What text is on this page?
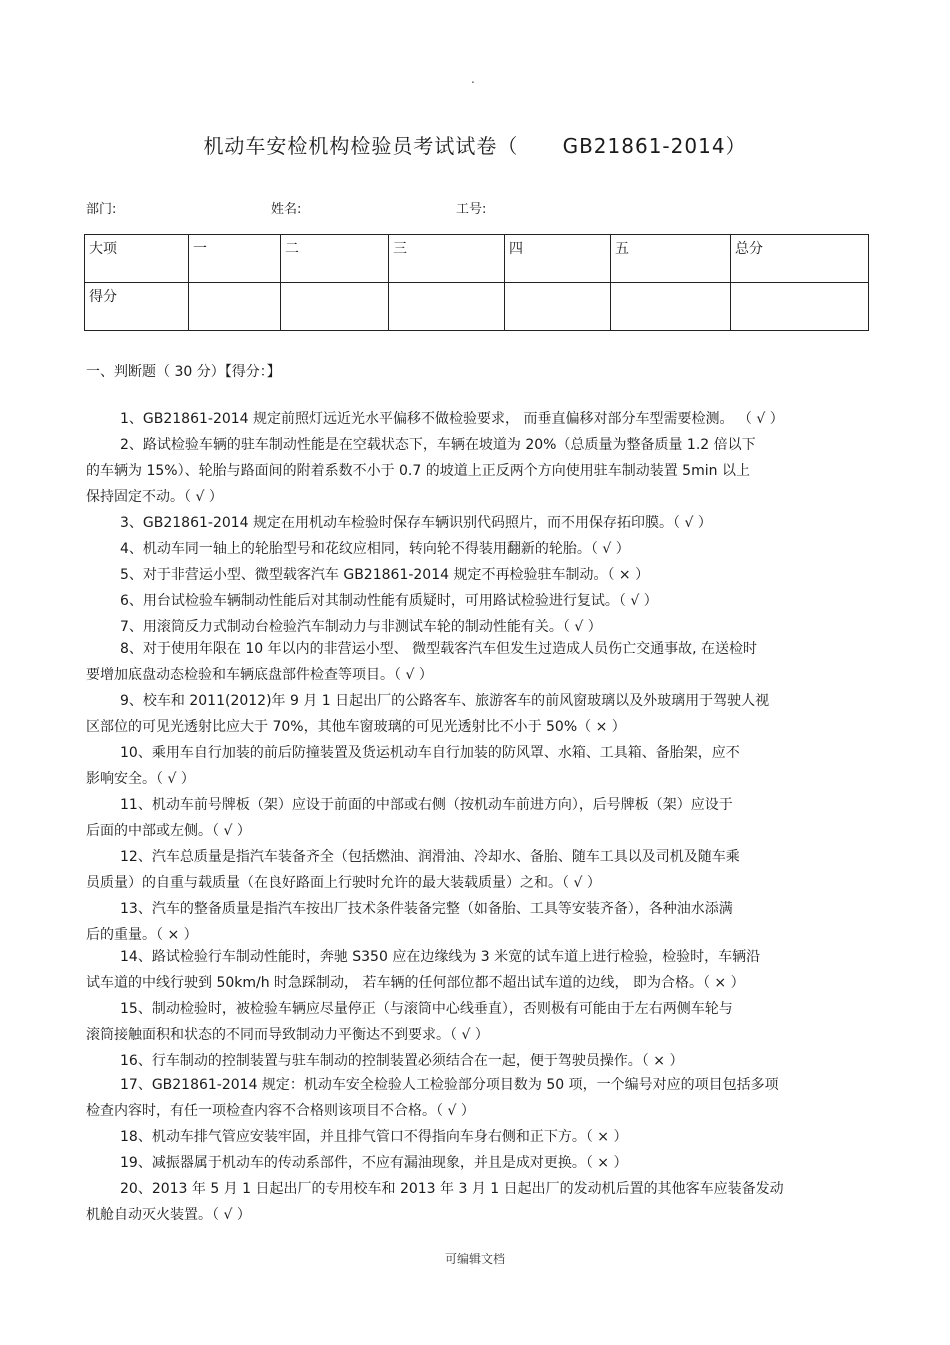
.
机动车安检机构检验员考试试卷（      GB21861-2014）
部门:	姓名:	工号:
大项	一	二	三	四	五	总分
得分						
一、判断题（ 30 分）【得分：】

1、GB21861-2014 规定前照灯远近光水平偏移不做检验要求， 而垂直偏移对部分车型需要检测。 （ √ ）

2、路试检验车辆的驻车制动性能是在空载状态下，车辆在坡道为 20%（总质量为整备质量 1.2 倍以下

的车辆为 15%）、轮胎与路面间的附着系数不小于 0.7 的坡道上正反两个方向使用驻车制动装置 5min 以上

保持固定不动。（ √ ）

3、GB21861-2014 规定在用机动车检验时保存车辆识别代码照片，而不用保存拓印膜。（ √ ）

4、机动车同一轴上的轮胎型号和花纹应相同，转向轮不得装用翻新的轮胎。（ √ ）

5、对于非营运小型、微型载客汽车 GB21861-2014 规定不再检验驻车制动。（ × ）

6、用台试检验车辆制动性能后对其制动性能有质疑时，可用路试检验进行复试。（ √ ）

7、用滚筒反力式制动台检验汽车制动力与非测试车轮的制动性能有关。（ √ ）

8、对于使用年限在 10 年以内的非营运小型、 微型载客汽车但发生过造成人员伤亡交通事故, 在送检时

要增加底盘动态检验和车辆底盘部件检查等项目。（ √ ）

9、校车和 2011(2012)年 9 月 1 日起出厂的公路客车、旅游客车的前风窗玻璃以及外玻璃用于驾驶人视

区部位的可见光透射比应大于 70%，其他车窗玻璃的可见光透射比不小于 50%（ × ）

10、乘用车自行加装的前后防撞装置及货运机动车自行加装的防风罩、水箱、工具箱、备胎架，应不

影响安全。（ √ ）

11、机动车前号牌板（架）应设于前面的中部或右侧（按机动车前进方向），后号牌板（架）应设于

后面的中部或左侧。（ √ ）

12、汽车总质量是指汽车装备齐全（包括燃油、润滑油、冷却水、备胎、随车工具以及司机及随车乘

员质量）的自重与载质量（在良好路面上行驶时允许的最大装载质量）之和。（ √ ）

13、汽车的整备质量是指汽车按出厂技术条件装备完整（如备胎、工具等安装齐备），各种油水添满

后的重量。（ × ）

14、路试检验行车制动性能时，奔驰 S350 应在边缘线为 3 米宽的试车道上进行检验，检验时，车辆沿

试车道的中线行驶到 50km/h 时急踩制动， 若车辆的任何部位都不超出试车道的边线， 即为合格。（ × ）

15、制动检验时，被检验车辆应尽量停正（与滚筒中心线垂直），否则极有可能由于左右两侧车轮与

滚筒接触面积和状态的不同而导致制动力平衡达不到要求。（ √ ）

16、行车制动的控制装置与驻车制动的控制装置必须结合在一起，便于驾驶员操作。（ × ）

17、GB21861-2014 规定：机动车安全检验人工检验部分项目数为 50 项，一个编号对应的项目包括多项

检查内容时，有任一项检查内容不合格则该项目不合格。（ √ ）

18、机动车排气管应安装牢固，并且排气管口不得指向车身右侧和正下方。（ × ）

19、减振器属于机动车的传动系部件，不应有漏油现象，并且是成对更换。（ × ）

20、2013 年 5 月 1 日起出厂的专用校车和 2013 年 3 月 1 日起出厂的发动机后置的其他客车应装备发动

机舱自动灭火装置。（ √ ）

可编辑文档
